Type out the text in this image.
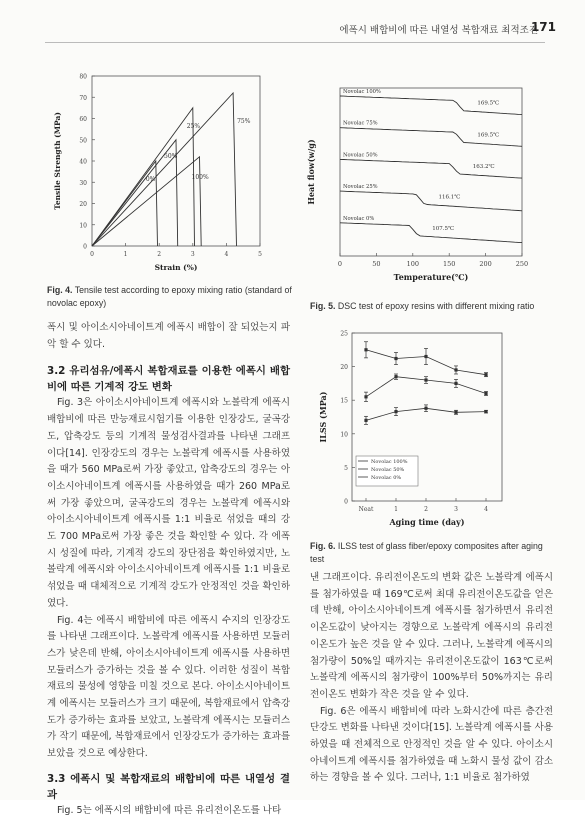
에폭시 배합비에 따른 내열성 복합재료 최적조건
171
0
10
20
30
40
50
60
70
80
0	1	2	3	4	5
Strain (%)
Tensile Strength (MPa)	0%
25%
50%
75%
100%
Fig. 4. Tensile test according to epoxy mixing ratio (standard of novolac epoxy)
0	50	100	150	200	250
Temperature(℃)
Heat flow(w/g)
Novolac 100%
169.5℃
Novolac 75%
169.5℃
Novolac 50%
163.2℃
Novolac 25%
116.1℃
Novolac 0%
107.5℃
Fig. 5. DSC test of epoxy resins with different mixing ratio
0
5
10
15
20
25
Neat	1	2	3	4
Aging time (day)
ILSS (MPa)
Novolac 100%
Novolac 50%
Novolac 0%
Fig. 6. ILSS test of glass fiber/epoxy composites after aging test

폭시 및 아이소시아네이트계 에폭시 배합이 잘 되었는지 파악 할 수 있다.

3.2 유리섬유/에폭시 복합재료를 이용한 에폭시 배합비에 따른 기계적 강도 변화

Fig. 3은 아이소시아네이트계 에폭시와 노볼락계 에폭시 배합비에 따른 만능재료시험기를 이용한 인장강도, 굴곡강도, 압축강도 등의 기계적 물성검사결과를 나타낸 그래프 이다[14]. 인장강도의 경우는 노볼락계 에폭시를 사용하였을 때가 560 MPa로써 가장 좋았고, 압축강도의 경우는 아이소시아네이트계 에폭시를 사용하였을 때가 260 MPa로써 가장 좋았으며, 굴곡강도의 경우는 노볼락계 에폭시와 아이소시아네이트계 에폭시를 1:1 비율로 섞었을 때의 강도 700 MPa로써 가장 좋은 것을 확인할 수 있다. 각 에폭시 성질에 따라, 기계적 강도의 장단점을 확인하였지만, 노볼락계 에폭시와 아이소시아네이트계 에폭시를 1:1 비율로 섞었을 때 대체적으로 기계적 강도가 안정적인 것을 확인하였다.

Fig. 4는 에폭시 배합비에 따른 에폭시 수지의 인장강도를 나타낸 그래프이다. 노볼락계 에폭시를 사용하면 모듈러스가 낮은데 반해, 아이소시아네이트계 에폭시를 사용하면 모듈러스가 증가하는 것을 볼 수 있다. 이러한 성질이 복합재료의 물성에 영향을 미칠 것으로 본다. 아이소시아네이트계 에폭시는 모듈러스가 크기 때문에, 복합재료에서 압축강도가 증가하는 효과를 보았고, 노볼락계 에폭시는 모듈러스가 작기 때문에, 복합재료에서 인장강도가 증가하는 효과를 보았을 것으로 예상한다.

3.3 에폭시 및 복합재료의 배합비에 따른 내열성 결과

Fig. 5는 에폭시의 배합비에 따른 유리전이온도를 나타

낸 그래프이다. 유리전이온도의 변화 값은 노볼락계 에폭시를 첨가하였을 때 169℃로써 최대 유리전이온도값을 얻은데 반해, 아이소시아네이트계 에폭시를 첨가하면서 유리전이온도값이 낮아지는 경향으로 노볼락계 에폭시의 유리전이온도가 높은 것을 알 수 있다. 그러나, 노볼락계 에폭시의 첨가량이 50%일 때까지는 유리전이온도값이 163℃로써 노볼락계 에폭시의 첨가량이 100%부터 50%까지는 유리전이온도 변화가 작은 것을 알 수 있다.

Fig. 6은 에폭시 배합비에 따라 노화시간에 따른 층간전단강도 변화를 나타낸 것이다[15]. 노볼락계 에폭시를 사용하였을 때 전체적으로 안정적인 것을 알 수 있다. 아이소시아네이트계 에폭시를 첨가하였을 때 노화시 물성 값이 감소하는 경향을 볼 수 있다. 그러나, 1:1 비율로 첨가하였
